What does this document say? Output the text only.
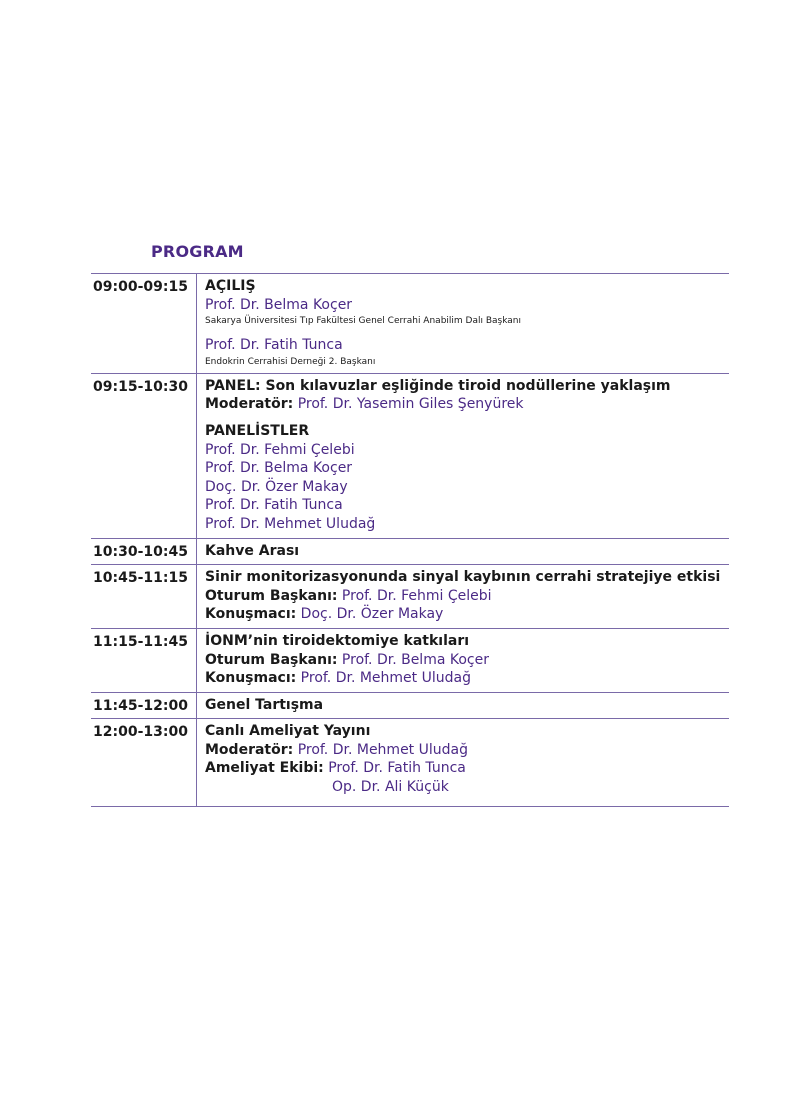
PROGRAM
09:00-09:15	AÇILIŞ
Prof. Dr. Belma Koçer
Sakarya Üniversitesi Tıp Fakültesi Genel Cerrahi Anabilim Dalı Başkanı
Prof. Dr. Fatih Tunca
Endokrin Cerrahisi Derneği 2. Başkanı
09:15-10:30	PANEL: Son kılavuzlar eşliğinde tiroid nodüllerine yaklaşım
Moderatör: Prof. Dr. Yasemin Giles Şenyürek
PANELİSTLER
Prof. Dr. Fehmi Çelebi
Prof. Dr. Belma Koçer
Doç. Dr. Özer Makay
Prof. Dr. Fatih Tunca
Prof. Dr. Mehmet Uludağ
10:30-10:45	Kahve Arası
10:45-11:15	Sinir monitorizasyonunda sinyal kaybının cerrahi stratejiye etkisi
Oturum Başkanı: Prof. Dr. Fehmi Çelebi
Konuşmacı: Doç. Dr. Özer Makay
11:15-11:45	İONM’nin tiroidektomiye katkıları
Oturum Başkanı: Prof. Dr. Belma Koçer
Konuşmacı: Prof. Dr. Mehmet Uludağ
11:45-12:00	Genel Tartışma
12:00-13:00	Canlı Ameliyat Yayını
Moderatör: Prof. Dr. Mehmet Uludağ
Ameliyat Ekibi: Prof. Dr. Fatih Tunca
Op. Dr. Ali Küçük
